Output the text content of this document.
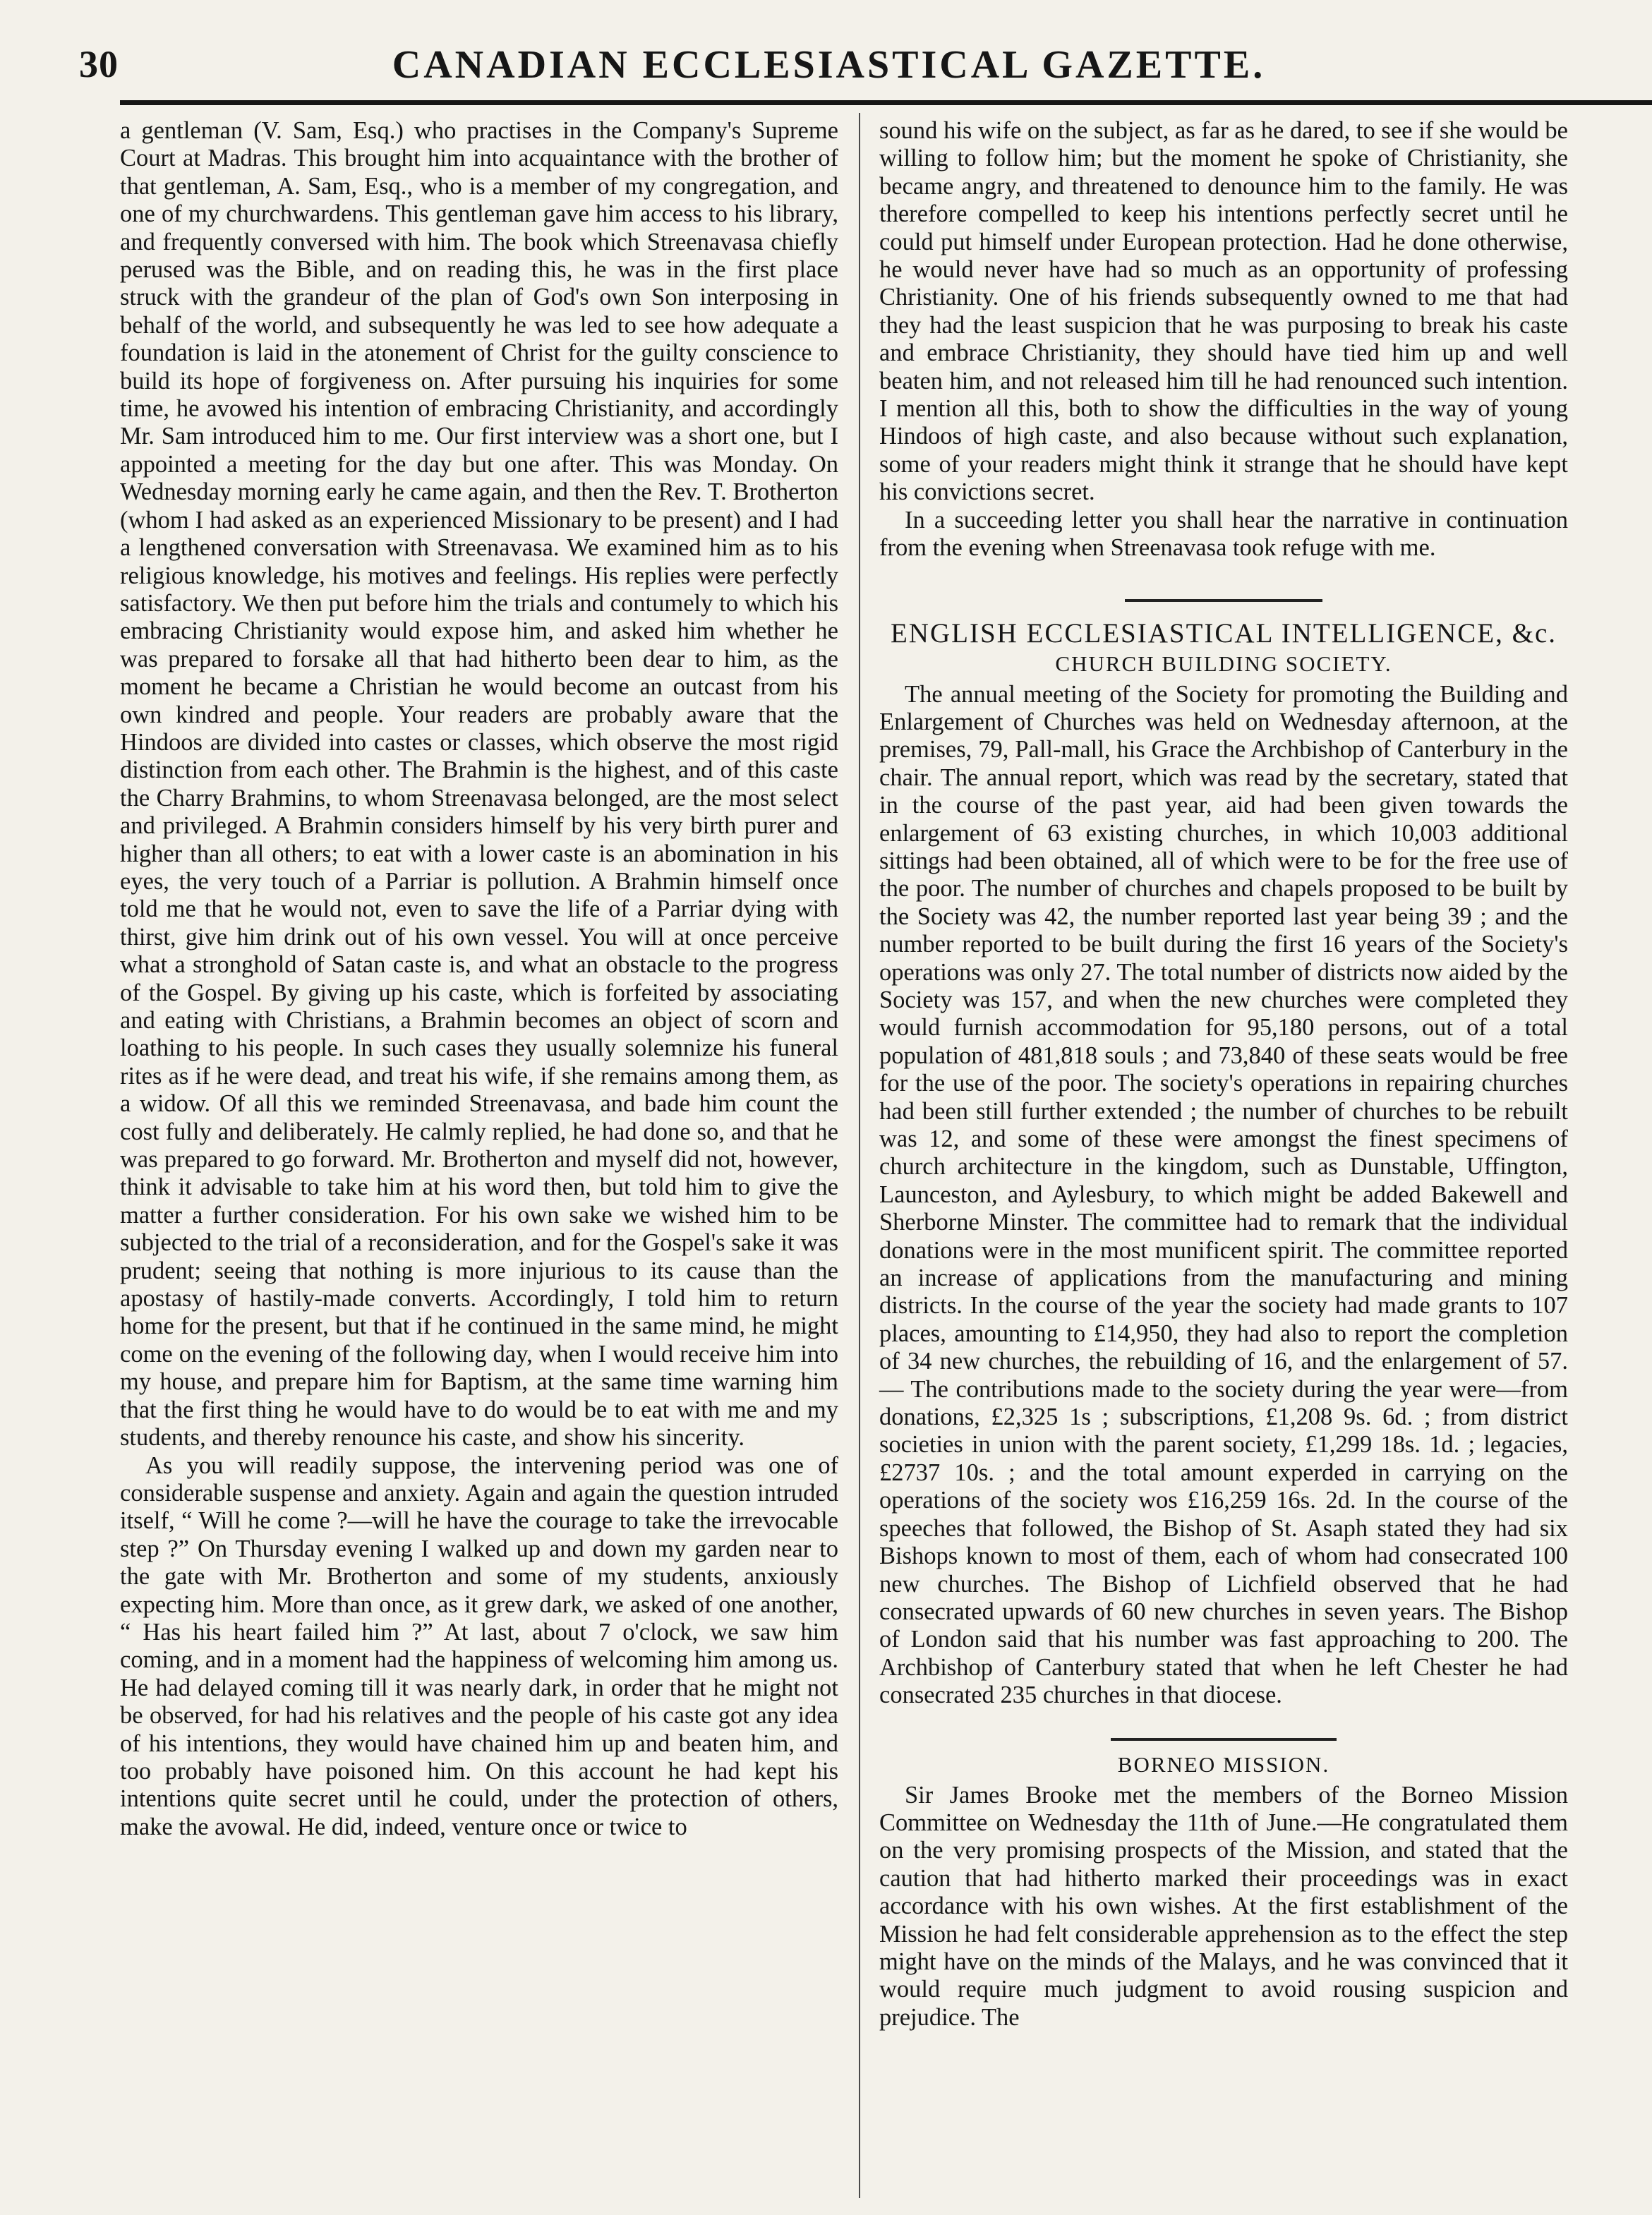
30	CANADIAN ECCLESIASTICAL GAZETTE.

a gentleman (V. Sam, Esq.) who practises in the Company's Supreme Court at Madras. This brought him into acquaintance with the brother of that gentleman, A. Sam, Esq., who is a member of my congregation, and one of my churchwardens. This gentleman gave him access to his library, and frequently conversed with him. The book which Streenavasa chiefly perused was the Bible, and on reading this, he was in the first place struck with the grandeur of the plan of God's own Son interposing in behalf of the world, and subsequently he was led to see how adequate a foundation is laid in the atonement of Christ for the guilty conscience to build its hope of forgiveness on. After pursuing his inquiries for some time, he avowed his intention of embracing Christianity, and accordingly Mr. Sam introduced him to me. Our first interview was a short one, but I appointed a meeting for the day but one after. This was Monday. On Wednesday morning early he came again, and then the Rev. T. Brotherton (whom I had asked as an experienced Missionary to be present) and I had a lengthened conversation with Streenavasa. We examined him as to his religious knowledge, his motives and feelings. His replies were perfectly satisfactory. We then put before him the trials and contumely to which his embracing Christianity would expose him, and asked him whether he was prepared to forsake all that had hitherto been dear to him, as the moment he became a Christian he would become an outcast from his own kindred and people. Your readers are probably aware that the Hindoos are divided into castes or classes, which observe the most rigid distinction from each other. The Brahmin is the highest, and of this caste the Charry Brahmins, to whom Streenavasa belonged, are the most select and privileged. A Brahmin considers himself by his very birth purer and higher than all others; to eat with a lower caste is an abomination in his eyes, the very touch of a Parriar is pollution. A Brahmin himself once told me that he would not, even to save the life of a Parriar dying with thirst, give him drink out of his own vessel. You will at once perceive what a stronghold of Satan caste is, and what an obstacle to the progress of the Gospel. By giving up his caste, which is forfeited by associating and eating with Christians, a Brahmin becomes an object of scorn and loathing to his people. In such cases they usually solemnize his funeral rites as if he were dead, and treat his wife, if she remains among them, as a widow. Of all this we reminded Streenavasa, and bade him count the cost fully and deliberately. He calmly replied, he had done so, and that he was prepared to go forward. Mr. Brotherton and myself did not, however, think it advisable to take him at his word then, but told him to give the matter a further consideration. For his own sake we wished him to be subjected to the trial of a reconsideration, and for the Gospel's sake it was prudent; seeing that nothing is more injurious to its cause than the apostasy of hastily-made converts. Accordingly, I told him to return home for the present, but that if he continued in the same mind, he might come on the evening of the following day, when I would receive him into my house, and prepare him for Baptism, at the same time warning him that the first thing he would have to do would be to eat with me and my students, and thereby renounce his caste, and show his sincerity.

As you will readily suppose, the intervening period was one of considerable suspense and anxiety. Again and again the question intruded itself, “ Will he come ?—will he have the courage to take the irrevocable step ?” On Thursday evening I walked up and down my garden near to the gate with Mr. Brotherton and some of my students, anxiously expecting him. More than once, as it grew dark, we asked of one another, “ Has his heart failed him ?” At last, about 7 o'clock, we saw him coming, and in a moment had the happiness of welcoming him among us. He had delayed coming till it was nearly dark, in order that he might not be observed, for had his relatives and the people of his caste got any idea of his intentions, they would have chained him up and beaten him, and too probably have poisoned him. On this account he had kept his intentions quite secret until he could, under the protection of others, make the avowal. He did, indeed, venture once or twice to

sound his wife on the subject, as far as he dared, to see if she would be willing to follow him; but the moment he spoke of Christianity, she became angry, and threatened to denounce him to the family. He was therefore compelled to keep his intentions perfectly secret until he could put himself under European protection. Had he done otherwise, he would never have had so much as an opportunity of professing Christianity. One of his friends subsequently owned to me that had they had the least suspicion that he was purposing to break his caste and embrace Christianity, they should have tied him up and well beaten him, and not released him till he had renounced such intention. I mention all this, both to show the difficulties in the way of young Hindoos of high caste, and also because without such explanation, some of your readers might think it strange that he should have kept his convictions secret.

In a succeeding letter you shall hear the narrative in continuation from the evening when Streenavasa took refuge with me.

ENGLISH ECCLESIASTICAL INTELLIGENCE, &c.
CHURCH BUILDING SOCIETY.

The annual meeting of the Society for promoting the Building and Enlargement of Churches was held on Wednesday afternoon, at the premises, 79, Pall-mall, his Grace the Archbishop of Canterbury in the chair. The annual report, which was read by the secretary, stated that in the course of the past year, aid had been given towards the enlargement of 63 existing churches, in which 10,003 additional sittings had been obtained, all of which were to be for the free use of the poor. The number of churches and chapels proposed to be built by the Society was 42, the number reported last year being 39 ; and the number reported to be built during the first 16 years of the Society's operations was only 27. The total number of districts now aided by the Society was 157, and when the new churches were completed they would furnish accommodation for 95,180 persons, out of a total population of 481,818 souls ; and 73,840 of these seats would be free for the use of the poor. The society's operations in repairing churches had been still further extended ; the number of churches to be rebuilt was 12, and some of these were amongst the finest specimens of church architecture in the kingdom, such as Dunstable, Uffington, Launceston, and Aylesbury, to which might be added Bakewell and Sherborne Minster. The committee had to remark that the individual donations were in the most munificent spirit. The committee reported an increase of applications from the manufacturing and mining districts. In the course of the year the society had made grants to 107 places, amounting to £14,950, they had also to report the completion of 34 new churches, the rebuilding of 16, and the enlargement of 57.— The contributions made to the society during the year were—from donations, £2,325 1s ; subscriptions, £1,208 9s. 6d. ; from district societies in union with the parent society, £1,299 18s. 1d. ; legacies, £2737 10s. ; and the total amount experded in carrying on the operations of the society wos £16,259 16s. 2d. In the course of the speeches that followed, the Bishop of St. Asaph stated they had six Bishops known to most of them, each of whom had consecrated 100 new churches. The Bishop of Lichfield observed that he had consecrated upwards of 60 new churches in seven years. The Bishop of London said that his number was fast approaching to 200. The Archbishop of Canterbury stated that when he left Chester he had consecrated 235 churches in that diocese.

BORNEO MISSION.

Sir James Brooke met the members of the Borneo Mission Committee on Wednesday the 11th of June.—He congratulated them on the very promising prospects of the Mission, and stated that the caution that had hitherto marked their proceedings was in exact accordance with his own wishes. At the first establishment of the Mission he had felt considerable apprehension as to the effect the step might have on the minds of the Malays, and he was convinced that it would require much judgment to avoid rousing suspicion and prejudice. The
